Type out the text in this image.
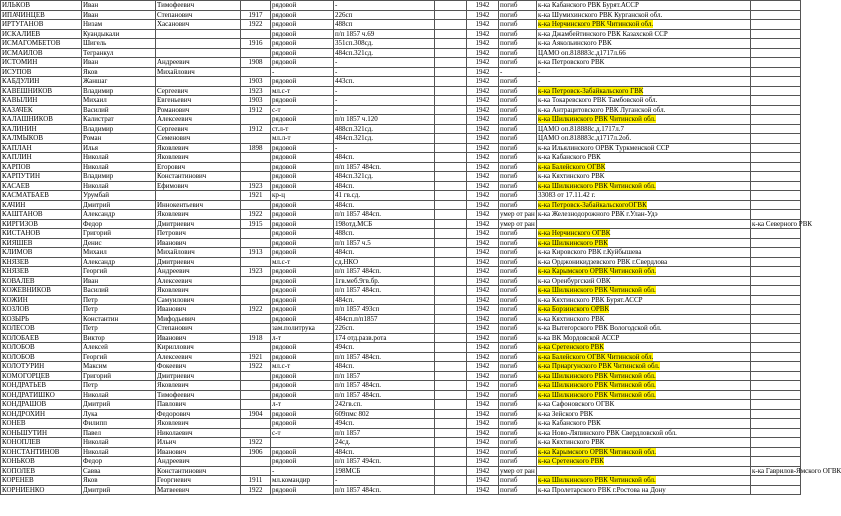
ИЛЬКОВ	Иван	Тимофеевич		рядовой	-		1942	погиб	к-ка Кабанского РВК Бурят.АССР	
ИПАЧИНЦЕВ	Иван	Степанович	1917	рядовой	226сп		1942	погиб	к-ка Шумихинского РВК Курганской обл.	
ИРТУГАНОВ	Низам	Хасанович	1922	рядовой	488сп		1942	погиб	к-ка Нерчинского РВК Читинской обл.	
ИСКАЛИЕВ	Куандыкали			рядовой	п/п 1857 ч.69		1942	погиб	к-ка Джамбейтинского РВК Казахской ССР	
ИСМАГОМБЕТОВ	Шигель		1916	рядовой	351сп.308сд.		1942	погиб	к-ка Аякольинского РВК	
ИСМАИЛОВ	Тегранкул			рядовой	484сп.321сд.		1942	погиб	ЦАМО оп.818883с.д1717л.66	
ИСТОМИН	Иван	Андреевич	1908	рядовой	-		1942	погиб	к-ка Петровского РВК	
ИСУПОВ	Яков	Михайлович		-	-		1942	-	-	
КАБДУЛИН	Жаншаг		1903	рядовой	443сп.		1942	погиб	-	
КАВЕШНИКОВ	Владимир	Сергеевич	1923	мл.с-т	-		1942	погиб	к-ка Петровск-Забайкальского ГВК	
КАВЫЛИН	Михаил	Евгеньевич	1903	рядовой	-		1942	погиб	к-ка Токаревского РВК Тамбовской обл.	
КАЗАЧЕК	Василий	Романович	1912	с-т	-		1942	погиб	к-ка Антрацитовского РВК Луганской обл.	
КАЛАШНИКОВ	Калистрат	Алексеевич		рядовой	п/п 1857 ч.120		1942	погиб	к-ка Шилкинского РВК Читинской обл.	
КАЛИНИН	Владимир	Сергеевич	1912	ст.л-т	488сп.321сд.		1942	погиб	ЦАМО оп.818888с.д.1717л.7	
КАЛМЫКОВ	Роман	Семенович		мл.л-т	484сп.321сд.		1942	погиб	ЦАМО оп.818883с.д1717л.2об.	
КАПЛАН	Илья	Яковлевич	1898	рядовой	-		1942	погиб	к-ка Ильялинского ОРВК Туркменской ССР	
КАПЛИН	Николай	Яковлевич		рядовой	484сп.		1942	погиб	к-ка Кабанского РВК	
КАРПОВ	Николай	Егорович		рядовой	п/п 1857 484сп.		1942	погиб	к-ка Балейского ОГВК	
КАРПУТИН	Владимир	Константинович		рядовой	484сп.321сд.		1942	погиб	к-ка Кяхтинского РВК	
КАСАЕВ	Николай	Ефимович	1923	рядовой	484сп.		1942	погиб	к-ка Шилкинского РВК Читинской обл.	
КАСМАТБАЕВ	Урумбай		1921	кр-ц	41 гв.сд.		1942	погиб	33083 от 17.11.42 г.	
КАЧИН	Дмитрий	Иннокентьевич		рядовой	484сп.		1942	погиб	к-ка Петровск-ЗабайкальскогоОГВК	
КАШТАНОВ	Александр	Яковлевич	1922	рядовой	п/п 1857 484сп.		1942	умер от ран	к-ка Железнодорожного РВК г.Улан-Удэ	
КИРГИЗОВ	Федор	Дмитриевич	1915	рядовой	198отд.МСБ		1942	умер от ран		к-ка Северного РВК
КИСТАНОВ	Григорий	Петрович		рядовой	488сп.		1942	погиб	к-ка Нерчинского ОГВК	
КИЯШЕВ	Денис	Иванович		рядовой	п/п 1857 ч.5		1942	погиб	к-ка Шилкинского РВК	
КЛИМОВ	Михаил	Михайлович	1913	рядовой	484сп.		1942	погиб	к-ка Кировского РВК г.Куйбышева	
КНЯЗЕВ	Александр	Дмитриевич		мл.с-т	сд.НКО		1942	погиб	к-ка Орджоникидзевского РВК г.Свердлова	
КНЯЗЕВ	Георгий	Андреевич	1923	рядовой	п/п 1857 484сп.		1942	погиб	к-ка Карымского ОРВК Читинской обл.	
КОВАЛЕВ	Иван	Алексеевич		рядовой	1гв.меб.9гв.бр.		1942	погиб	к-ка Оренбургский ОВК	
КОЖЕВНИКОВ	Василий	Яковлевич		рядовой	п/п 1857 484сп.		1942	погиб	к-ка Шилкинского РВК Читинской обл.	
КОЖИН	Петр	Самуилович		рядовой	484сп.		1942	погиб	к-ка Кяхтинского РВК Бурят.АССР	
КОЗЛОВ	Петр	Иванович	1922	рядовой	п/п 1857 493сп		1942	погиб	к-ка Борзинского ОРВК	
КОЗЫРЬ	Константин	Мифодьевич		рядовой	484сп.п/п1857		1942	погиб	к-ка Кяхтинского РВК	
КОЛЕСОВ	Петр	Степанович		зам.политрука	226сп.		1942	погиб	к-ка Вытегорского РВК Вологодской обл.	
КОЛОБАЕВ	Виктор	Иванович	1918	л-т	174 отд.разв.рота		1942	погиб	к-ка ВК Мордовской АССР	
КОЛОБОВ	Алексей	Кириллович		рядовой	494сп.		1942	погиб	к-ка Сретенского РВК	
КОЛОБОВ	Георгий	Алексеевич	1921	рядовой	п/п 1857 484сп.		1942	погиб	к-ка Балейского ОГВК Читинской обл.	
КОЛОТУРИН	Максим	Фокеевич	1922	мл.с-т	484сп.		1942	погиб	к-ка Приаргунского РВК Читинской обл.	
КОМОГОРЦЕВ	Григорий	Дмитриевич		рядовой	п/п 1857		1942	погиб	к-ка Шилкинского РВК Читинской обл.	
КОНДРАТЬЕВ	Петр	Яковлевич		рядовой	п/п 1857 484сп.		1942	погиб	к-ка Шилкинского РВК Читинской обл.	
КОНДРАТИШКО	Николай	Тимофеевич		рядовой	п/п 1857 484сп.		1942	погиб	к-ка Шилкинского РВК Читинской обл.	
КОНДРАШОВ	Дмитрий	Павлович		л-т	242гв.сп.		1942	погиб	к-ка Сафоновского ОГВК	
КОНДРОХИН	Лука	Федорович	1904	рядовой	609пмс 802		1942	погиб	к-ка Зейского РВК	
КОНЕВ	Филипп	Яковлевич		рядовой	494сп.		1942	погиб	к-ка Кабанского РВК	
КОНЬШУТИН	Павел	Николаевич		с-т	п/п 1857		1942	погиб	к-ка Ново-Ляпинского РВК Свердловской обл.	
КОНОПЛЕВ	Николай	Ильич	1922		24сд.		1942	погиб	к-ка Кяхтинского РВК	
КОНСТАНТИНОВ	Николай	Иванович	1906	рядовой	484сп.		1942	погиб	к-ка Карымского ОРВК Читинской обл.	
КОНЬКОВ	Федор	Андреевич		рядовой	п/п 1857 494сп.		1942	погиб	к-ка Сретенского РВК	
КОПОЛЕВ	Савва	Константинович		-	198МСБ		1942	умер от ран		к-ка Гаврилов-Ямского ОГВК
КОРЕНЕВ	Яков	Георгиевич	1911	мл.командир	-		1942	погиб	к-ка Шилкинского РВК Читинской обл.	
КОРНИЕНКО	Дмитрий	Матвеевич	1922	рядовой	п/п 1857 484сп.		1942	погиб	к-ка Пролетарского РВК г.Ростова на Дону	
